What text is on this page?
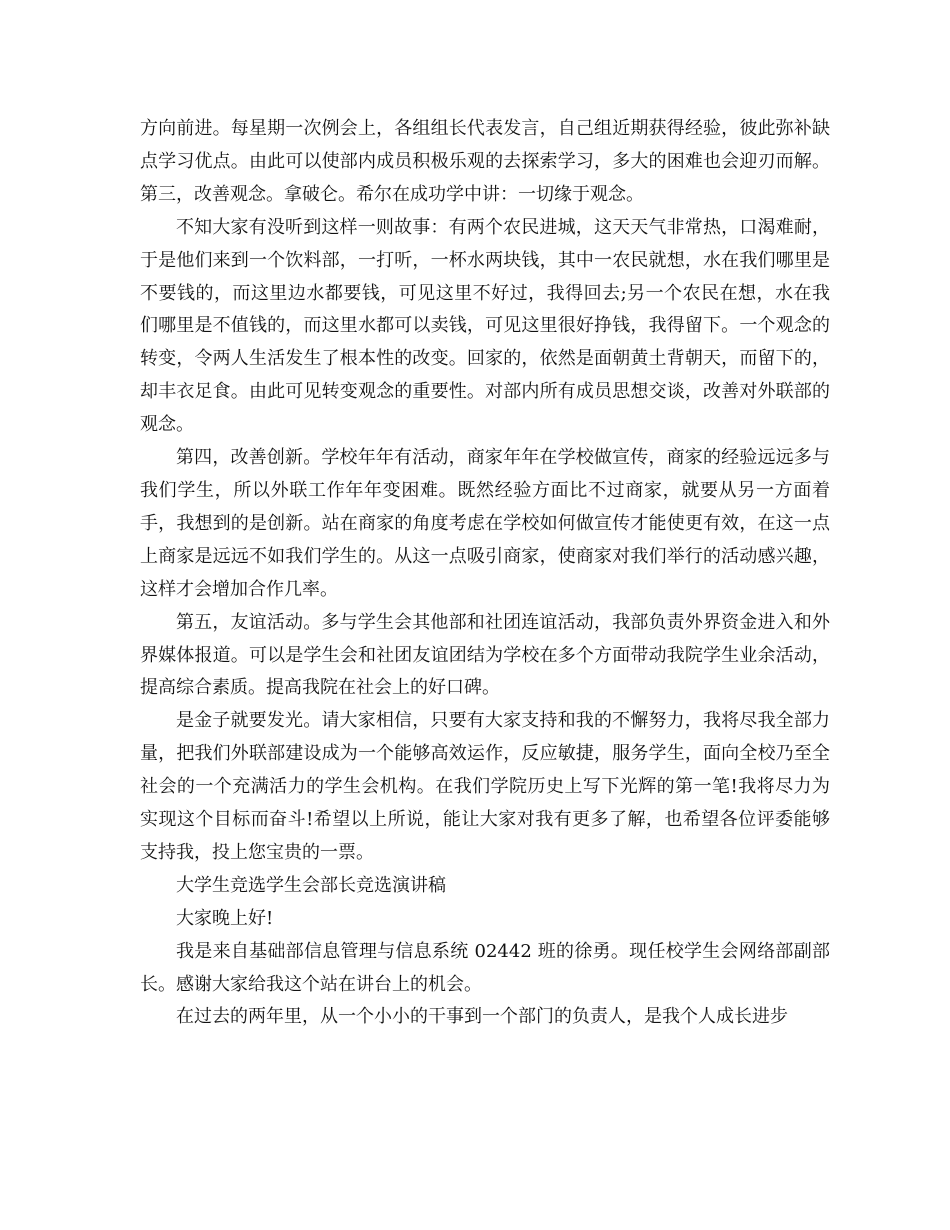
方向前进。每星期一次例会上，各组组长代表发言，自己组近期获得经验，彼此弥补缺点学习优点。由此可以使部内成员积极乐观的去探索学习，多大的困难也会迎刃而解。第三，改善观念。拿破仑。希尔在成功学中讲：一切缘于观念。

不知大家有没听到这样一则故事：有两个农民进城，这天天气非常热，口渴难耐，于是他们来到一个饮料部，一打听，一杯水两块钱，其中一农民就想，水在我们哪里是不要钱的，而这里边水都要钱，可见这里不好过，我得回去;另一个农民在想，水在我们哪里是不值钱的，而这里水都可以卖钱，可见这里很好挣钱，我得留下。一个观念的转变，令两人生活发生了根本性的改变。回家的，依然是面朝黄土背朝天，而留下的，却丰衣足食。由此可见转变观念的重要性。对部内所有成员思想交谈，改善对外联部的观念。

第四，改善创新。学校年年有活动，商家年年在学校做宣传，商家的经验远远多与我们学生，所以外联工作年年变困难。既然经验方面比不过商家，就要从另一方面着手，我想到的是创新。站在商家的角度考虑在学校如何做宣传才能使更有效，在这一点上商家是远远不如我们学生的。从这一点吸引商家，使商家对我们举行的活动感兴趣，这样才会增加合作几率。

第五，友谊活动。多与学生会其他部和社团连谊活动，我部负责外界资金进入和外界媒体报道。可以是学生会和社团友谊团结为学校在多个方面带动我院学生业余活动，提高综合素质。提高我院在社会上的好口碑。

是金子就要发光。请大家相信，只要有大家支持和我的不懈努力，我将尽我全部力量，把我们外联部建设成为一个能够高效运作，反应敏捷，服务学生，面向全校乃至全社会的一个充满活力的学生会机构。在我们学院历史上写下光辉的第一笔!我将尽力为实现这个目标而奋斗!希望以上所说，能让大家对我有更多了解，也希望各位评委能够支持我，投上您宝贵的一票。

大学生竞选学生会部长竞选演讲稿

大家晚上好!

我是来自基础部信息管理与信息系统 02442 班的徐勇。现任校学生会网络部副部长。感谢大家给我这个站在讲台上的机会。

在过去的两年里，从一个小小的干事到一个部门的负责人，是我个人成长进步
